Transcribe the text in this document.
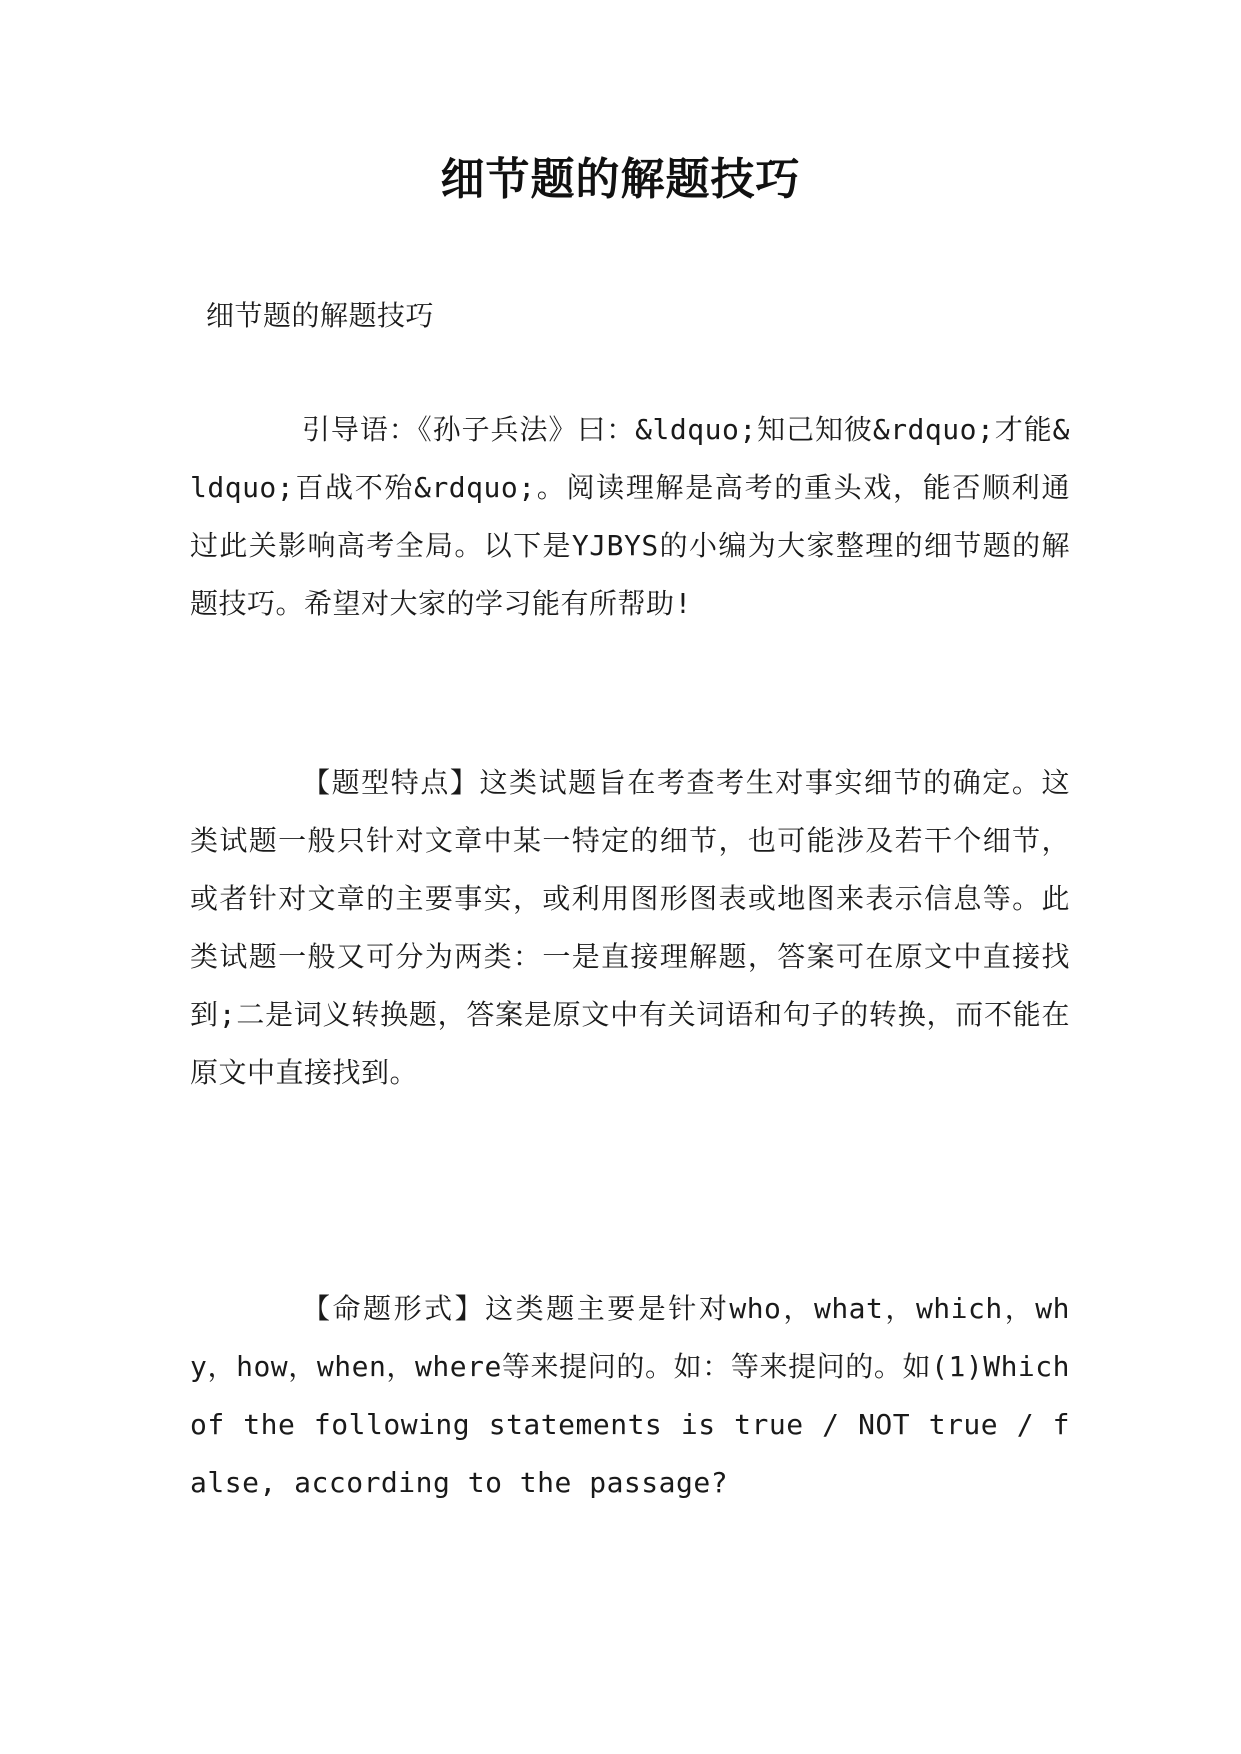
细节题的解题技巧

细节题的解题技巧

引导语：《孙子兵法》曰：&ldquo;知己知彼&rdquo;才能&ldquo;百战不殆&rdquo;。阅读理解是高考的重头戏，能否顺利通过此关影响高考全局。以下是YJBYS的小编为大家整理的细节题的解题技巧。希望对大家的学习能有所帮助!

【题型特点】这类试题旨在考查考生对事实细节的确定。这类试题一般只针对文章中某一特定的细节，也可能涉及若干个细节，或者针对文章的主要事实，或利用图形图表或地图来表示信息等。此类试题一般又可分为两类：一是直接理解题，答案可在原文中直接找到;二是词义转换题，答案是原文中有关词语和句子的转换，而不能在原文中直接找到。

【命题形式】这类题主要是针对who，what，which，why，how，when，where等来提问的。如：等来提问的。如(1)Which of the following statements is true / NOT true / false, according to the passage?
